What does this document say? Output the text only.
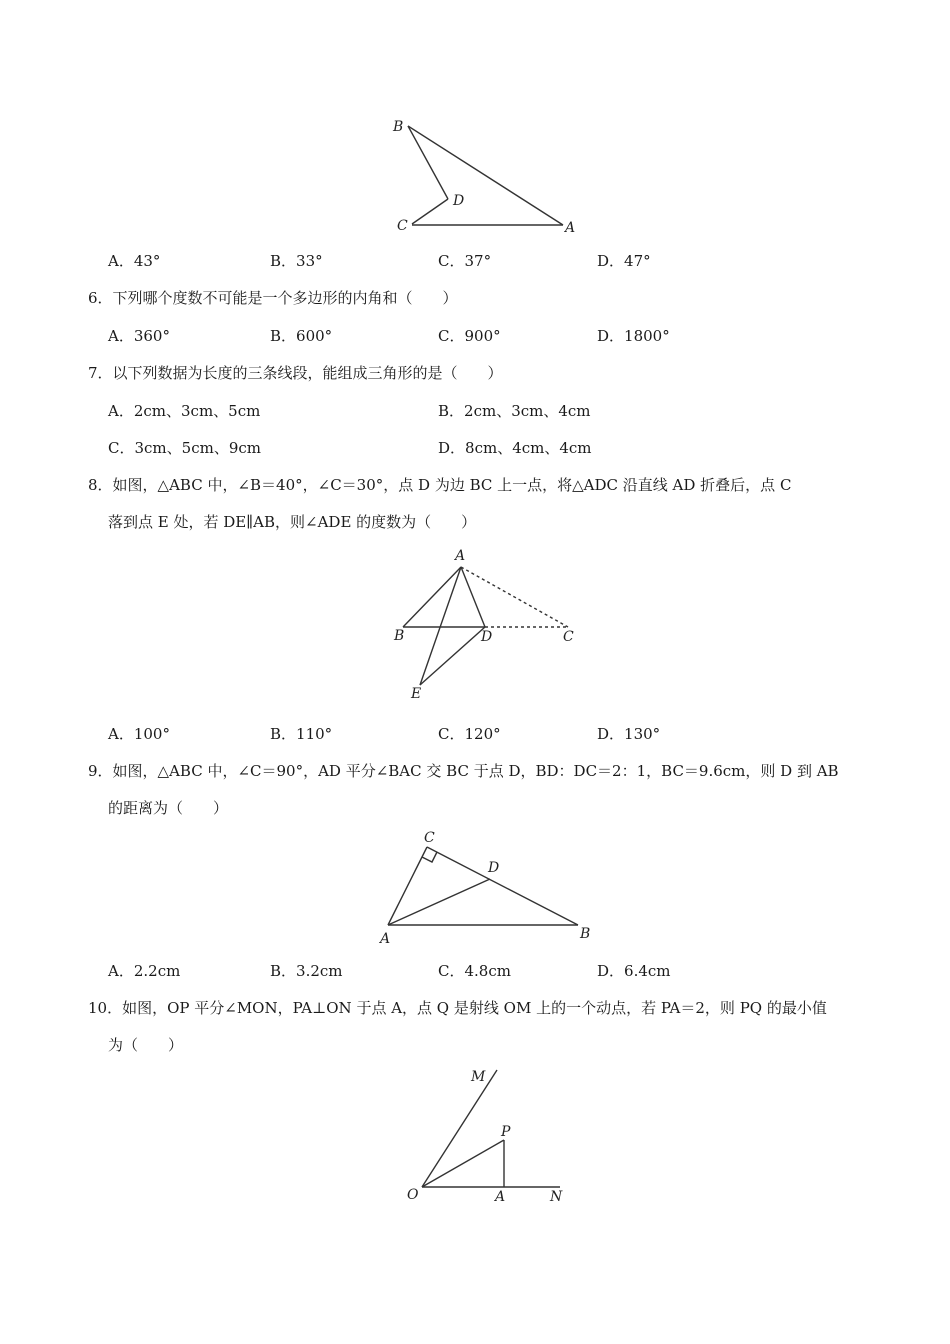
B
D
C	A
A．43°	B．33°	C．37°	D．47°
6．下列哪个度数不可能是一个多边形的内角和（　　）
A．360°	B．600°	C．900°	D．1800°
7．以下列数据为长度的三条线段，能组成三角形的是（　　）
A．2cm、3cm、5cm	B．2cm、3cm、4cm
C．3cm、5cm、9cm	D．8cm、4cm、4cm
8．如图，△ABC 中，∠B＝40°，∠C＝30°，点 D 为边 BC 上一点，将△ADC 沿直线 AD 折叠后，点 C
落到点 E 处，若 DE∥AB，则∠ADE 的度数为（　　）
A
B	D	C
E
A．100°	B．110°	C．120°	D．130°
9．如图，△ABC 中，∠C＝90°，AD 平分∠BAC 交 BC 于点 D，BD：DC＝2：1，BC＝9.6cm，则 D 到 AB
的距离为（　　）
C
D
A	B
A．2.2cm	B．3.2cm	C．4.8cm	D．6.4cm
10．如图，OP 平分∠MON，PA⊥ON 于点 A，点 Q 是射线 OM 上的一个动点，若 PA＝2，则 PQ 的最小值
为（　　）
M
P
O	A	N
